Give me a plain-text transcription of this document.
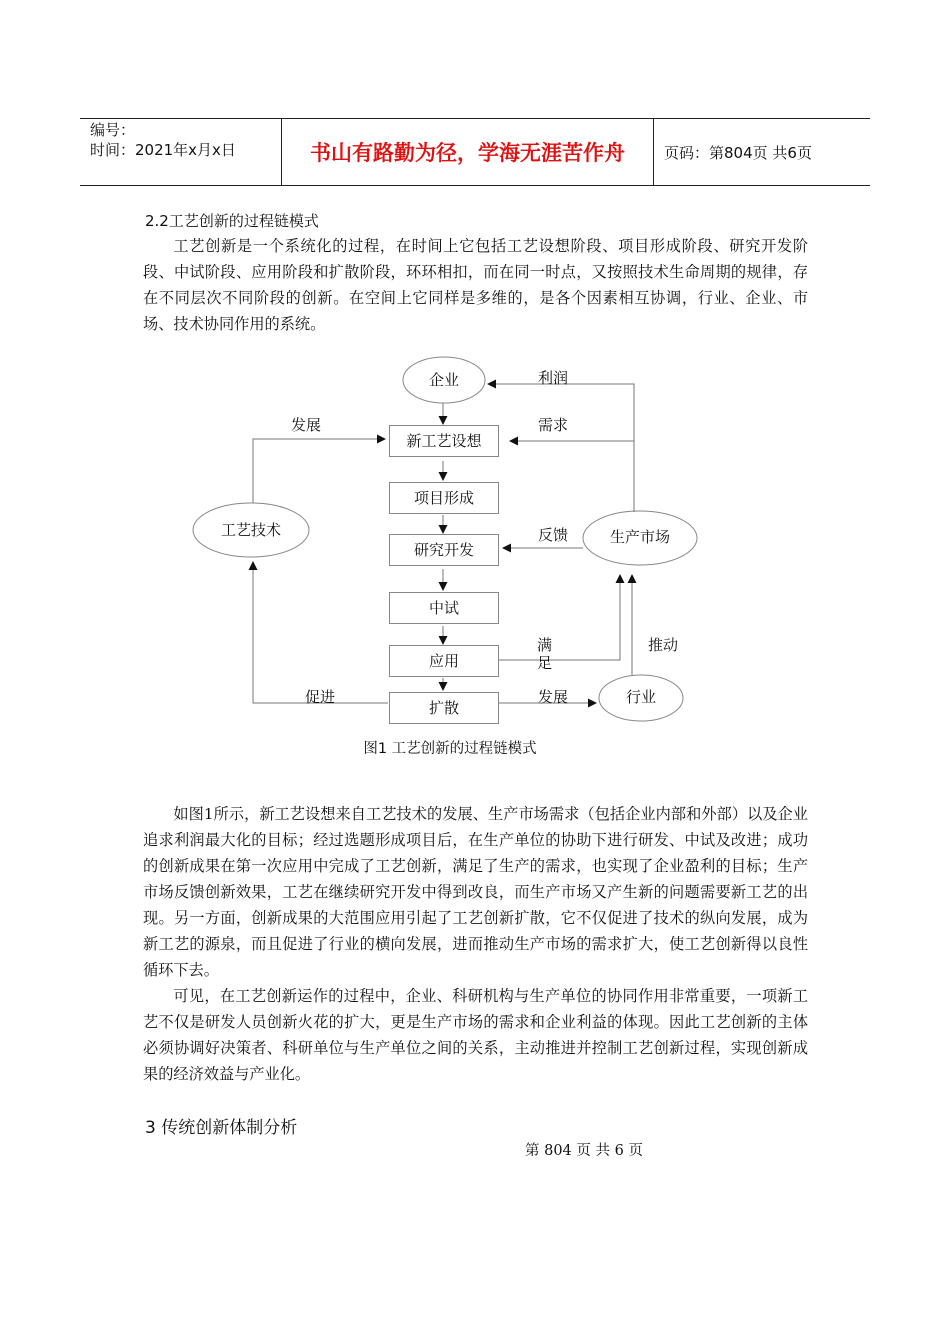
编号：
时间：2021年x月x日	书山有路勤为径，学海无涯苦作舟	页码：第804页 共6页
2.2工艺创新的过程链模式

工艺创新是一个系统化的过程，在时间上它包括工艺设想阶段、项目形成阶段、研究开发阶段、中试阶段、应用阶段和扩散阶段，环环相扣，而在同一时点，又按照技术生命周期的规律，存在不同层次不同阶段的创新。在空间上它同样是多维的，是各个因素相互协调，行业、企业、市场、技术协同作用的系统。

企业
新工艺设想
项目形成
研究开发
中试
应用
扩散
工艺技术	生产市场
行业
利润
需求
发展
反馈
满足
推动
促进	发展
图1 工艺创新的过程链模式

如图1所示，新工艺设想来自工艺技术的发展、生产市场需求（包括企业内部和外部）以及企业追求利润最大化的目标；经过选题形成项目后，在生产单位的协助下进行研发、中试及改进；成功的创新成果在第一次应用中完成了工艺创新，满足了生产的需求，也实现了企业盈利的目标；生产市场反馈创新效果，工艺在继续研究开发中得到改良，而生产市场又产生新的问题需要新工艺的出现。另一方面，创新成果的大范围应用引起了工艺创新扩散，它不仅促进了技术的纵向发展，成为新工艺的源泉，而且促进了行业的横向发展，进而推动生产市场的需求扩大，使工艺创新得以良性循环下去。

可见，在工艺创新运作的过程中，企业、科研机构与生产单位的协同作用非常重要，一项新工艺不仅是研发人员创新火花的扩大，更是生产市场的需求和企业利益的体现。因此工艺创新的主体必须协调好决策者、科研单位与生产单位之间的关系，主动推进并控制工艺创新过程，实现创新成果的经济效益与产业化。

3 传统创新体制分析
第 804 页 共 6 页
